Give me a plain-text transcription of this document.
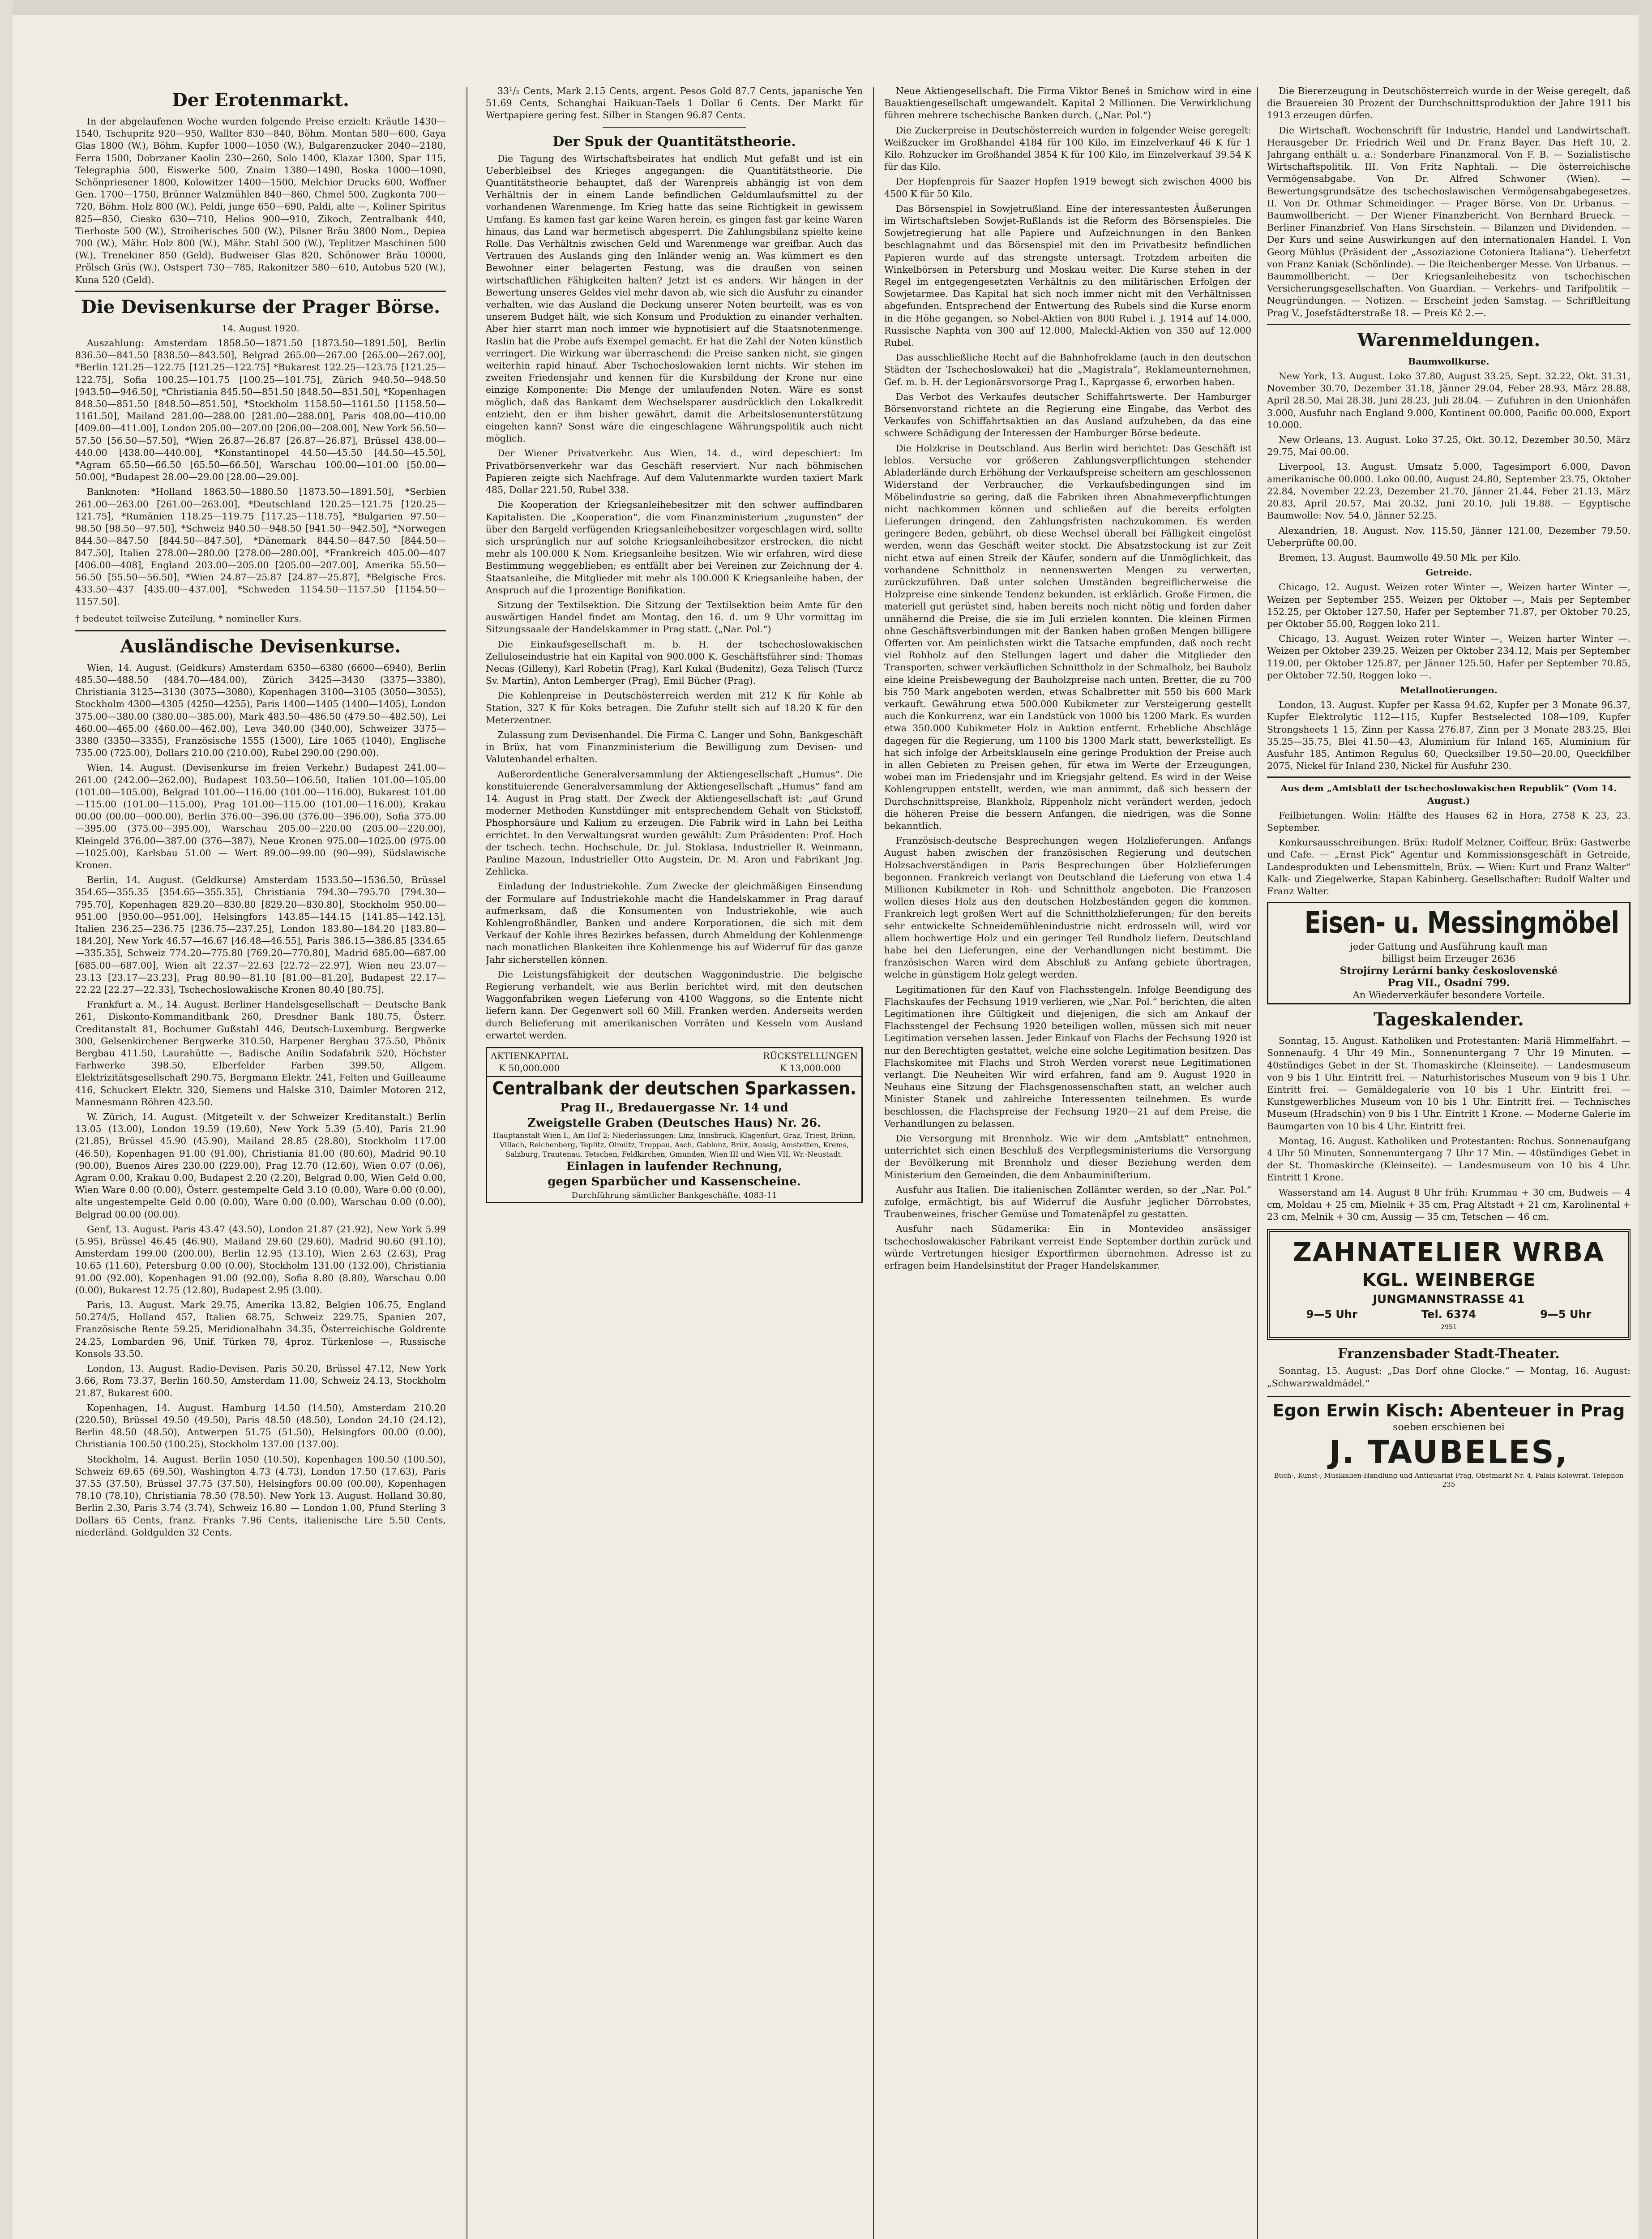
Der Erotenmarkt.

In der abgelaufenen Woche wurden folgende Preise erzielt: Kräutle 1430—1540, Tschupritz 920—950, Wallter 830—840, Böhm. Montan 580—600, Gaya Glas 1800 (W.), Böhm. Kupfer 1000—1050 (W.), Bulgarenzucker 2040—2180, Ferra 1500, Dobrzaner Kaolin 230—260, Solo 1400, Klazar 1300, Spar 115, Telegraphia 500, Eiswerke 500, Znaim 1380—1490, Boska 1000—1090, Schönpriesener 1800, Kolowitzer 1400—1500, Melchior Drucks 600, Woffner Gen. 1700—1750, Brünner Walzmühlen 840—860, Chmel 500, Zugkonta 700—720, Böhm. Holz 800 (W.), Peldi, junge 650—690, Paldi, alte —, Koliner Spiritus 825—850, Ciesko 630—710, Helios 900—910, Zikoch, Zentralbank 440, Tierhoste 500 (W.), Stroiherisches 500 (W.), Pilsner Bräu 3800 Nom., Depiea 700 (W.), Mähr. Holz 800 (W.), Mähr. Stahl 500 (W.), Teplitzer Maschinen 500 (W.), Trenekiner 850 (Geld), Budweiser Glas 820, Schönower Bräu 10000, Prölsch Grüs (W.), Ostspert 730—785, Rakonitzer 580—610, Autobus 520 (W.), Kuna 520 (Geld).

Die Devisenkurse der Prager Börse.
14. August 1920.

Auszahlung: Amsterdam 1858.50—1871.50 [1873.50—1891.50], Berlin 836.50—841.50 [838.50—843.50], Belgrad 265.00—267.00 [265.00—267.00], *Berlin 121.25—122.75 [121.25—122.75] *Bukarest 122.25—123.75 [121.25—122.75], Sofia 100.25—101.75 [100.25—101.75], Zürich 940.50—948.50 [943.50—946.50], *Christiania 845.50—851.50 [848.50—851.50], *Kopenhagen 848.50—851.50 [848.50—851.50], *Stockholm 1158.50—1161.50 [1158.50—1161.50], Mailand 281.00—288.00 [281.00—288.00], Paris 408.00—410.00 [409.00—411.00], London 205.00—207.00 [206.00—208.00], New York 56.50—57.50 [56.50—57.50], *Wien 26.87—26.87 [26.87—26.87], Brüssel 438.00—440.00 [438.00—440.00], *Konstantinopel 44.50—45.50 [44.50—45.50], *Agram 65.50—66.50 [65.50—66.50], Warschau 100.00—101.00 [50.00—50.00], *Budapest 28.00—29.00 [28.00—29.00].

Banknoten: *Holland 1863.50—1880.50 [1873.50—1891.50], *Serbien 261.00—263.00 [261.00—263.00], *Deutschland 120.25—121.75 [120.25—121.75], *Rumänien 118.25—119.75 [117.25—118.75], *Bulgarien 97.50—98.50 [98.50—97.50], *Schweiz 940.50—948.50 [941.50—942.50], *Norwegen 844.50—847.50 [844.50—847.50], *Dänemark 844.50—847.50 [844.50—847.50], Italien 278.00—280.00 [278.00—280.00], *Frankreich 405.00—407 [406.00—408], England 203.00—205.00 [205.00—207.00], Amerika 55.50—56.50 [55.50—56.50], *Wien 24.87—25.87 [24.87—25.87], *Belgische Frcs. 433.50—437 [435.00—437.00], *Schweden 1154.50—1157.50 [1154.50—1157.50].

† bedeutet teilweise Zuteilung, * nomineller Kurs.

Ausländische Devisenkurse.

Wien, 14. August. (Geldkurs) Amsterdam 6350—6380 (6600—6940), Berlin 485.50—488.50 (484.70—484.00), Zürich 3425—3430 (3375—3380), Christiania 3125—3130 (3075—3080), Kopenhagen 3100—3105 (3050—3055), Stockholm 4300—4305 (4250—4255), Paris 1400—1405 (1400—1405), London 375.00—380.00 (380.00—385.00), Mark 483.50—486.50 (479.50—482.50), Lei 460.00—465.00 (460.00—462.00), Leva 340.00 (340.00), Schweizer 3375—3380 (3350—3355), Französische 1555 (1500), Lire 1065 (1040), Englische 735.00 (725.00), Dollars 210.00 (210.00), Rubel 290.00 (290.00).

Wien, 14. August. (Devisenkurse im freien Verkehr.) Budapest 241.00—261.00 (242.00—262.00), Budapest 103.50—106.50, Italien 101.00—105.00 (101.00—105.00), Belgrad 101.00—116.00 (101.00—116.00), Bukarest 101.00—115.00 (101.00—115.00), Prag 101.00—115.00 (101.00—116.00), Krakau 00.00 (00.00—000.00), Berlin 376.00—396.00 (376.00—396.00), Sofia 375.00—395.00 (375.00—395.00), Warschau 205.00—220.00 (205.00—220.00), Kleingeld 376.00—387.00 (376—387), Neue Kronen 975.00—1025.00 (975.00—1025.00), Karlsbau 51.00 — Wert 89.00—99.00 (90—99), Südslawische Kronen.

Berlin, 14. August. (Geldkurse) Amsterdam 1533.50—1536.50, Brüssel 354.65—355.35 [354.65—355.35], Christiania 794.30—795.70 [794.30—795.70], Kopenhagen 829.20—830.80 [829.20—830.80], Stockholm 950.00—951.00 [950.00—951.00], Helsingfors 143.85—144.15 [141.85—142.15], Italien 236.25—236.75 [236.75—237.25], London 183.80—184.20 [183.80—184.20], New York 46.57—46.67 [46.48—46.55], Paris 386.15—386.85 [334.65—335.35], Schweiz 774.20—775.80 [769.20—770.80], Madrid 685.00—687.00 [685.00—687.00], Wien alt 22.37—22.63 [22.72—22.97], Wien neu 23.07—23.13 [23.17—23.23], Prag 80.90—81.10 [81.00—81.20], Budapest 22.17—22.22 [22.27—22.33], Tschechoslowakische Kronen 80.40 [80.75].

Frankfurt a. M., 14. August. Berliner Handelsgesellschaft — Deutsche Bank 261, Diskonto-Kommanditbank 260, Dresdner Bank 180.75, Österr. Creditanstalt 81, Bochumer Gußstahl 446, Deutsch-Luxemburg. Bergwerke 300, Gelsenkirchener Bergwerke 310.50, Harpener Bergbau 375.50, Phönix Bergbau 411.50, Laurahütte —, Badische Anilin Sodafabrik 520, Höchster Farbwerke 398.50, Elberfelder Farben 399.50, Allgem. Elektrizitätsgesellschaft 290.75, Bergmann Elektr. 241, Felten und Guilleaume 416, Schuckert Elektr. 320, Siemens und Halske 310, Daimler Motoren 212, Mannesmann Röhren 423.50.

W. Zürich, 14. August. (Mitgeteilt v. der Schweizer Kreditanstalt.) Berlin 13.05 (13.00), London 19.59 (19.60), New York 5.39 (5.40), Paris 21.90 (21.85), Brüssel 45.90 (45.90), Mailand 28.85 (28.80), Stockholm 117.00 (46.50), Kopenhagen 91.00 (91.00), Christiania 81.00 (80.60), Madrid 90.10 (90.00), Buenos Aires 230.00 (229.00), Prag 12.70 (12.60), Wien 0.07 (0.06), Agram 0.00, Krakau 0.00, Budapest 2.20 (2.20), Belgrad 0.00, Wien Geld 0.00, Wien Ware 0.00 (0.00), Österr. gestempelte Geld 3.10 (0.00), Ware 0.00 (0.00), alte ungestempelte Geld 0.00 (0.00), Ware 0.00 (0.00), Warschau 0.00 (0.00), Belgrad 00.00 (00.00).

Genf, 13. August. Paris 43.47 (43.50), London 21.87 (21.92), New York 5.99 (5.95), Brüssel 46.45 (46.90), Mailand 29.60 (29.60), Madrid 90.60 (91.10), Amsterdam 199.00 (200.00), Berlin 12.95 (13.10), Wien 2.63 (2.63), Prag 10.65 (11.60), Petersburg 0.00 (0.00), Stockholm 131.00 (132.00), Christiania 91.00 (92.00), Kopenhagen 91.00 (92.00), Sofia 8.80 (8.80), Warschau 0.00 (0.00), Bukarest 12.75 (12.80), Budapest 2.95 (3.00).

Paris, 13. August. Mark 29.75, Amerika 13.82, Belgien 106.75, England 50.274/5, Holland 457, Italien 68.75, Schweiz 229.75, Spanien 207, Französische Rente 59.25, Meridionalbahn 34.35, Österreichische Goldrente 24.25, Lombarden 96, Unif. Türken 78, 4proz. Türkenlose —, Russische Konsols 33.50.

London, 13. August. Radio-Devisen. Paris 50.20, Brüssel 47.12, New York 3.66, Rom 73.37, Berlin 160.50, Amsterdam 11.00, Schweiz 24.13, Stockholm 21.87, Bukarest 600.

Kopenhagen, 14. August. Hamburg 14.50 (14.50), Amsterdam 210.20 (220.50), Brüssel 49.50 (49.50), Paris 48.50 (48.50), London 24.10 (24.12), Berlin 48.50 (48.50), Antwerpen 51.75 (51.50), Helsingfors 00.00 (0.00), Christiania 100.50 (100.25), Stockholm 137.00 (137.00).

Stockholm, 14. August. Berlin 1050 (10.50), Kopenhagen 100.50 (100.50), Schweiz 69.65 (69.50), Washington 4.73 (4.73), London 17.50 (17.63), Paris 37.55 (37.50), Brüssel 37.75 (37.50), Helsingfors 00.00 (00.00), Kopenhagen 78.10 (78.10), Christiania 78.50 (78.50). New York 13. August. Holland 30.80, Berlin 2.30, Paris 3.74 (3.74), Schweiz 16.80 — London 1.00, Pfund Sterling 3 Dollars 65 Cents, franz. Franks 7.96 Cents, italienische Lire 5.50 Cents, niederländ. Goldgulden 32 Cents.

33¹/₂ Cents, Mark 2.15 Cents, argent. Pesos Gold 87.7 Cents, japanische Yen 51.69 Cents, Schanghai Haikuan-Taels 1 Dollar 6 Cents. Der Markt für Wertpapiere gering fest. Silber in Stangen 96.87 Cents.

Der Spuk der Quantitätstheorie.

Die Tagung des Wirtschaftsbeirates hat endlich Mut gefaßt und ist ein Ueberbleibsel des Krieges angegangen: die Quantitätstheorie. Die Quantitätstheorie behauptet, daß der Warenpreis abhängig ist von dem Verhältnis der in einem Lande befindlichen Geldumlaufsmittel zu der vorhandenen Warenmenge. Im Krieg hatte das seine Richtigkeit in gewissem Umfang. Es kamen fast gar keine Waren herein, es gingen fast gar keine Waren hinaus, das Land war hermetisch abgesperrt. Die Zahlungsbilanz spielte keine Rolle. Das Verhältnis zwischen Geld und Warenmenge war greifbar. Auch das Vertrauen des Auslands ging den Inländer wenig an. Was kümmert es den Bewohner einer belagerten Festung, was die draußen von seinen wirtschaftlichen Fähigkeiten halten? Jetzt ist es anders. Wir hängen in der Bewertung unseres Geldes viel mehr davon ab, wie sich die Ausfuhr zu einander verhalten, wie das Ausland die Deckung unserer Noten beurteilt, was es von unserem Budget hält, wie sich Konsum und Produktion zu einander verhalten. Aber hier starrt man noch immer wie hypnotisiert auf die Staatsnotenmenge. Raslin hat die Probe aufs Exempel gemacht. Er hat die Zahl der Noten künstlich verringert. Die Wirkung war überraschend: die Preise sanken nicht, sie gingen weiterhin rapid hinauf. Aber Tschechoslowakien lernt nichts. Wir stehen im zweiten Friedensjahr und kennen für die Kursbildung der Krone nur eine einzige Komponente: Die Menge der umlaufenden Noten. Wäre es sonst möglich, daß das Bankamt dem Wechselsparer ausdrücklich den Lokalkredit entzieht, den er ihm bisher gewährt, damit die Arbeitslosenunterstützung eingehen kann? Sonst wäre die eingeschlagene Währungspolitik auch nicht möglich.

Der Wiener Privatverkehr. Aus Wien, 14. d., wird depeschiert: Im Privatbörsenverkehr war das Geschäft reserviert. Nur nach böhmischen Papieren zeigte sich Nachfrage. Auf dem Valutenmarkte wurden taxiert Mark 485, Dollar 221.50, Rubel 338.

Die Kooperation der Kriegsanleihebesitzer mit den schwer auffindbaren Kapitalisten. Die „Kooperation“, die vom Finanzministerium „zugunsten“ der über den Bargeld verfügenden Kriegsanleihebesitzer vorgeschlagen wird, sollte sich ursprünglich nur auf solche Kriegsanleihebesitzer erstrecken, die nicht mehr als 100.000 K Nom. Kriegsanleihe besitzen. Wie wir erfahren, wird diese Bestimmung weggeblieben; es entfällt aber bei Vereinen zur Zeichnung der 4. Staatsanleihe, die Mitglieder mit mehr als 100.000 K Kriegsanleihe haben, der Anspruch auf die 1prozentige Bonifikation.

Sitzung der Textilsektion. Die Sitzung der Textilsektion beim Amte für den auswärtigen Handel findet am Montag, den 16. d. um 9 Uhr vormittag im Sitzungssaale der Handelskammer in Prag statt. („Nar. Pol.“)

Die Einkaufsgesellschaft m. b. H. der tschechoslowakischen Zelluloseindustrie hat ein Kapital von 900.000 K. Geschäftsführer sind: Thomas Necas (Gilleny), Karl Robetin (Prag), Karl Kukal (Budenitz), Geza Telisch (Turcz Sv. Martin), Anton Lemberger (Prag), Emil Bücher (Prag).

Die Kohlenpreise in Deutschösterreich werden mit 212 K für Kohle ab Station, 327 K für Koks betragen. Die Zufuhr stellt sich auf 18.20 K für den Meterzentner.

Zulassung zum Devisenhandel. Die Firma C. Langer und Sohn, Bankgeschäft in Brüx, hat vom Finanzministerium die Bewilligung zum Devisen- und Valutenhandel erhalten.

Außerordentliche Generalversammlung der Aktiengesellschaft „Humus“. Die konstituierende Generalversammlung der Aktiengesellschaft „Humus“ fand am 14. August in Prag statt. Der Zweck der Aktiengesellschaft ist: „auf Grund moderner Methoden Kunstdünger mit entsprechendem Gehalt von Stickstoff, Phosphorsäure und Kalium zu erzeugen. Die Fabrik wird in Lahn bei Leitha errichtet. In den Verwaltungsrat wurden gewählt: Zum Präsidenten: Prof. Hoch der tschech. techn. Hochschule, Dr. Jul. Stoklasa, Industrieller R. Weinmann, Pauline Mazoun, Industrieller Otto Augstein, Dr. M. Aron und Fabrikant Jng. Zehlicka.

Einladung der Industriekohle. Zum Zwecke der gleichmäßigen Einsendung der Formulare auf Industriekohle macht die Handelskammer in Prag darauf aufmerksam, daß die Konsumenten von Industriekohle, wie auch Kohlengroßhändler, Banken und andere Korporationen, die sich mit dem Verkauf der Kohle ihres Bezirkes befassen, durch Abmeldung der Kohlenmenge nach monatlichen Blankeiten ihre Kohlenmenge bis auf Widerruf für das ganze Jahr sicherstellen können.

Die Leistungsfähigkeit der deutschen Waggonindustrie. Die belgische Regierung verhandelt, wie aus Berlin berichtet wird, mit den deutschen Waggonfabriken wegen Lieferung von 4100 Waggons, so die Entente nicht liefern kann. Der Gegenwert soll 60 Mill. Franken werden. Anderseits werden durch Belieferung mit amerikanischen Vorräten und Kesseln vom Ausland erwartet werden.

AKTIENKAPITAL
K 50,000.000
RÜCKSTELLUNGEN
K 13,000.000
Centralbank der deutschen Sparkassen.
Prag II., Bredauergasse Nr. 14 und
Zweigstelle Graben (Deutsches Haus) Nr. 26.
Hauptanstalt Wien I., Am Hof 2; Niederlassungen: Linz, Innsbruck, Klagenfurt, Graz, Triest, Brünn, Villach, Reichenberg, Teplitz, Olmütz, Troppau, Asch, Gablonz, Brüx, Aussig, Amstetten, Krems, Salzburg, Trautenau, Tetschen, Feldkirchen, Gmunden, Wien III und Wien VII, Wr.-Neustadt.
Einlagen in laufender Rechnung,
gegen Sparbücher und Kassenscheine.
Durchführung sämtlicher Bankgeschäfte. 4083-11

Neue Aktiengesellschaft. Die Firma Viktor Beneš in Smichow wird in eine Bauaktiengesellschaft umgewandelt. Kapital 2 Millionen. Die Verwirklichung führen mehrere tschechische Banken durch. („Nar. Pol.“)

Die Zuckerpreise in Deutschösterreich wurden in folgender Weise geregelt: Weißzucker im Großhandel 4184 für 100 Kilo, im Einzelverkauf 46 K für 1 Kilo. Rohzucker im Großhandel 3854 K für 100 Kilo, im Einzelverkauf 39.54 K für das Kilo.

Der Hopfenpreis für Saazer Hopfen 1919 bewegt sich zwischen 4000 bis 4500 K für 50 Kilo.

Das Börsenspiel in Sowjetrußland. Eine der interessantesten Äußerungen im Wirtschaftsleben Sowjet-Rußlands ist die Reform des Börsenspieles. Die Sowjetregierung hat alle Papiere und Aufzeichnungen in den Banken beschlagnahmt und das Börsenspiel mit den im Privatbesitz befindlichen Papieren wurde auf das strengste untersagt. Trotzdem arbeiten die Winkelbörsen in Petersburg und Moskau weiter. Die Kurse stehen in der Regel im entgegengesetzten Verhältnis zu den militärischen Erfolgen der Sowjetarmee. Das Kapital hat sich noch immer nicht mit den Verhältnissen abgefunden. Entsprechend der Entwertung des Rubels sind die Kurse enorm in die Höhe gegangen, so Nobel-Aktien von 800 Rubel i. J. 1914 auf 14.000, Russische Naphta von 300 auf 12.000, Maleckl-Aktien von 350 auf 12.000 Rubel.

Das ausschließliche Recht auf die Bahnhofreklame (auch in den deutschen Städten der Tschechoslowakei) hat die „Magistrala“, Reklameunternehmen, Gef. m. b. H. der Legionärsvorsorge Prag I., Kaprgasse 6, erworben haben.

Das Verbot des Verkaufes deutscher Schiffahrtswerte. Der Hamburger Börsenvorstand richtete an die Regierung eine Eingabe, das Verbot des Verkaufes von Schiffahrtsaktien an das Ausland aufzuheben, da das eine schwere Schädigung der Interessen der Hamburger Börse bedeute.

Die Holzkrise in Deutschland. Aus Berlin wird berichtet: Das Geschäft ist leblos. Versuche vor größeren Zahlungsverpflichtungen stehender Abladerlände durch Erhöhung der Verkaufspreise scheitern am geschlossenen Widerstand der Verbraucher, die Verkaufsbedingungen sind im Möbelindustrie so gering, daß die Fabriken ihren Abnahmeverpflichtungen nicht nachkommen können und schließen auf die bereits erfolgten Lieferungen dringend, den Zahlungsfristen nachzukommen. Es werden geringere Beden, gebührt, ob diese Wechsel überall bei Fälligkeit eingelöst werden, wenn das Geschäft weiter stockt. Die Absatzstockung ist zur Zeit nicht etwa auf einen Streik der Käufer, sondern auf die Unmöglichkeit, das vorhandene Schnittholz in nennenswerten Mengen zu verwerten, zurückzuführen. Daß unter solchen Umständen begreiflicherweise die Holzpreise eine sinkende Tendenz bekunden, ist erklärlich. Große Firmen, die materiell gut gerüstet sind, haben bereits noch nicht nötig und forden daher unnähernd die Preise, die sie im Juli erzielen konnten. Die kleinen Firmen ohne Geschäftsverbindungen mit der Banken haben großen Mengen billigere Offerten vor. Am peinlichsten wirkt die Tatsache empfunden, daß noch recht viel Rohholz auf den Stellungen lagert und daher die Mitglieder den Transporten, schwer verkäuflichen Schnittholz in der Schmalholz, bei Bauholz eine kleine Preisbewegung der Bauholzpreise nach unten. Bretter, die zu 700 bis 750 Mark angeboten werden, etwas Schalbretter mit 550 bis 600 Mark verkauft. Gewährung etwa 500.000 Kubikmeter zur Versteigerung gestellt auch die Konkurrenz, war ein Landstück von 1000 bis 1200 Mark. Es wurden etwa 350.000 Kubikmeter Holz in Auktion entfernt. Erhebliche Abschläge dagegen für die Regierung, um 1100 bis 1300 Mark statt, bewerkstelligt. Es hat sich infolge der Arbeitsklauseln eine geringe Produktion der Preise auch in allen Gebieten zu Preisen gehen, für etwa im Werte der Erzeugungen, wobei man im Friedensjahr und im Kriegsjahr geltend. Es wird in der Weise Kohlengruppen entstellt, werden, wie man annimmt, daß sich bessern der Durchschnittspreise, Blankholz, Rippenholz nicht verändert werden, jedoch die höheren Preise die bessern Anfangen, die niedrigen, was die Sonne bekanntlich.

Französisch-deutsche Besprechungen wegen Holzlieferungen. Anfangs August haben zwischen der französischen Regierung und deutschen Holzsachverständigen in Paris Besprechungen über Holzlieferungen begonnen. Frankreich verlangt von Deutschland die Lieferung von etwa 1.4 Millionen Kubikmeter in Roh- und Schnittholz angeboten. Die Franzosen wollen dieses Holz aus den deutschen Holzbeständen gegen die kommen. Frankreich legt großen Wert auf die Schnittholzlieferungen; für den bereits sehr entwickelte Schneidemühlenindustrie nicht erdrosseln will, wird vor allem hochwertige Holz und ein geringer Teil Rundholz liefern. Deutschland habe bei den Lieferungen, eine der Verhandlungen nicht bestimmt. Die französischen Waren wird dem Abschluß zu Anfang gebiete übertragen, welche in günstigem Holz gelegt werden.

Legitimationen für den Kauf von Flachsstengeln. Infolge Beendigung des Flachskaufes der Fechsung 1919 verlieren, wie „Nar. Pol.“ berichten, die alten Legitimationen ihre Gültigkeit und diejenigen, die sich am Ankauf der Flachsstengel der Fechsung 1920 beteiligen wollen, müssen sich mit neuer Legitimation versehen lassen. Jeder Einkauf von Flachs der Fechsung 1920 ist nur den Berechtigten gestattet, welche eine solche Legitimation besitzen. Das Flachskomitee mit Flachs und Stroh Werden vorerst neue Legitimationen verlangt. Die Neuheiten Wir wird erfahren, fand am 9. August 1920 in Neuhaus eine Sitzung der Flachsgenossenschaften statt, an welcher auch Minister Stanek und zahlreiche Interessenten teilnehmen. Es wurde beschlossen, die Flachspreise der Fechsung 1920—21 auf dem Preise, die Verhandlungen zu belassen.

Die Versorgung mit Brennholz. Wie wir dem „Amtsblatt“ entnehmen, unterrichtet sich einen Beschluß des Verpflegsministeriums die Versorgung der Bevölkerung mit Brennholz und dieser Beziehung werden dem Ministerium den Gemeinden, die dem Anbauminiſterium.

Ausfuhr aus Italien. Die italienischen Zollämter werden, so der „Nar. Pol.“ zufolge, ermächtigt, bis auf Widerruf die Ausfuhr jeglicher Dörrobstes, Traubenweines, frischer Gemüse und Tomatenäpfel zu gestatten.

Ausfuhr nach Südamerika: Ein in Montevideo ansässiger tschechoslowakischer Fabrikant verreist Ende September dorthin zurück und würde Vertretungen hiesiger Exportfirmen übernehmen. Adresse ist zu erfragen beim Handelsinstitut der Prager Handelskammer.

Die Biererzeugung in Deutschösterreich wurde in der Weise geregelt, daß die Brauereien 30 Prozent der Durchschnittsproduktion der Jahre 1911 bis 1913 erzeugen dürfen.

Die Wirtschaft. Wochenschrift für Industrie, Handel und Landwirtschaft. Herausgeber Dr. Friedrich Weil und Dr. Franz Bayer. Das Heft 10, 2. Jahrgang enthält u. a.: Sonderbare Finanzmoral. Von F. B. — Sozialistische Wirtschaftspolitik. III. Von Fritz Naphtali. — Die österreichische Vermögensabgabe. Von Dr. Alfred Schwoner (Wien). — Bewertungsgrundsätze des tschechoslawischen Vermögensabgabegesetzes. II. Von Dr. Othmar Schmeidinger. — Prager Börse. Von Dr. Urbanus. — Baumwollbericht. — Der Wiener Finanzbericht. Von Bernhard Brueck. — Berliner Finanzbrief. Von Hans Sirschstein. — Bilanzen und Dividenden. — Der Kurs und seine Auswirkungen auf den internationalen Handel. I. Von Georg Mühlus (Präsident der „Assoziazione Cotoniera Italiana“). Ueberfetzt von Franz Kaniak (Schönlinde). — Die Reichenberger Messe. Von Urbanus. — Baummollbericht. — Der Kriegsanleihebesitz von tschechischen Versicherungsgesellschaften. Von Guardian. — Verkehrs- und Tarifpolitik — Neugründungen. — Notizen. — Erscheint jeden Samstag. — Schriftleitung Prag V., Josefstädterstraße 18. — Preis Kč 2.—.

Warenmeldungen.
Baumwollkurse.

New York, 13. August. Loko 37.80, August 33.25, Sept. 32.22, Okt. 31.31, November 30.70, Dezember 31.18, Jänner 29.04, Feber 28.93, März 28.88, April 28.50, Mai 28.38, Juni 28.23, Juli 28.04. — Zufuhren in den Unionhäfen 3.000, Ausfuhr nach England 9.000, Kontinent 00.000, Pacific 00.000, Export 10.000.

New Orleans, 13. August. Loko 37.25, Okt. 30.12, Dezember 30.50, März 29.75, Mai 00.00.

Liverpool, 13. August. Umsatz 5.000, Tagesimport 6.000, Davon amerikanische 00.000. Loko 00.00, August 24.80, September 23.75, Oktober 22.84, November 22.23, Dezember 21.70, Jänner 21.44, Feber 21.13, März 20.83, April 20.57, Mai 20.32, Juni 20.10, Juli 19.88. — Egyptische Baumwolle: Nov. 54.0, Jänner 52.25.

Alexandrien, 18. August. Nov. 115.50, Jänner 121.00, Dezember 79.50. Ueberprüfte 00.00.

Bremen, 13. August. Baumwolle 49.50 Mk. per Kilo.

Getreide.

Chicago, 12. August. Weizen roter Winter —, Weizen harter Winter —, Weizen per September 255. Weizen per Oktober —, Mais per September 152.25, per Oktober 127.50, Hafer per September 71.87, per Oktober 70.25, per Oktober 55.00, Roggen loko 211.

Chicago, 13. August. Weizen roter Winter —, Weizen harter Winter —. Weizen per Oktober 239.25. Weizen per Oktober 234.12, Mais per September 119.00, per Oktober 125.87, per Jänner 125.50, Hafer per September 70.85, per Oktober 72.50, Roggen loko —.

Metallnotierungen.

London, 13. August. Kupfer per Kassa 94.62, Kupfer per 3 Monate 96.37, Kupfer Elektrolytic 112—115, Kupfer Bestselected 108—109, Kupfer Strongsheets 1 15, Zinn per Kassa 276.87, Zinn per 3 Monate 283.25, Blei 35.25—35.75, Blei 41.50—43, Aluminium für Inland 165, Aluminium für Ausfuhr 185, Antimon Regulus 60, Quecksilber 19.50—20.00, Queckfilber 2075, Nickel für Inland 230, Nickel für Ausfuhr 230.

Aus dem „Amtsblatt der tschechoslowakischen Republik“ (Vom 14. August.)

Feilbietungen. Wolin: Hälfte des Hauses 62 in Hora, 2758 K 23, 23. September.

Konkursausschreibungen. Brüx: Rudolf Melzner, Coiffeur, Brüx: Gastwerbe und Cafe. — „Ernst Pick“ Agentur und Kommissionsgeschäft in Getreide, Landesprodukten und Lebensmitteln, Brüx. — Wien: Kurt und Franz Walter“ Kalk- und Ziegelwerke, Stapan Kabinberg. Gesellschafter: Rudolf Walter und Franz Walter.

Eisen- u. Messingmöbel
jeder Gattung und Ausführung kauft man
billigst beim Erzeuger 2636
Strojírny Lerární banky československé
Prag VII., Osadní 799.
An Wiederverkäufer besondere Vorteile.
Tageskalender.

Sonntag, 15. August. Katholiken und Protestanten: Mariä Himmelfahrt. — Sonnenaufg. 4 Uhr 49 Min., Sonnenuntergang 7 Uhr 19 Minuten. — 40stündiges Gebet in der St. Thomaskirche (Kleinseite). — Landesmuseum von 9 bis 1 Uhr. Eintritt frei. — Naturhistorisches Museum von 9 bis 1 Uhr. Eintritt frei. — Gemäldegalerie von 10 bis 1 Uhr. Eintritt frei. — Kunstgewerbliches Museum von 10 bis 1 Uhr. Eintritt frei. — Technisches Museum (Hradschin) von 9 bis 1 Uhr. Eintritt 1 Krone. — Moderne Galerie im Baumgarten von 10 bis 4 Uhr. Eintritt frei.

Montag, 16. August. Katholiken und Protestanten: Rochus. Sonnenaufgang 4 Uhr 50 Minuten, Sonnenuntergang 7 Uhr 17 Min. — 40stündiges Gebet in der St. Thomaskirche (Kleinseite). — Landesmuseum von 10 bis 4 Uhr. Eintritt 1 Krone.

Wasserstand am 14. August 8 Uhr früh: Krummau + 30 cm, Budweis — 4 cm, Moldau + 25 cm, Mielnik + 35 cm, Prag Altstadt + 21 cm, Karolinental + 23 cm, Melnik + 30 cm, Aussig — 35 cm, Tetschen — 46 cm.

ZAHNATELIER WRBA
KGL. WEINBERGE
JUNGMANNSTRASSE 41
9—5 Uhr	Tel. 6374	9—5 Uhr
2951
Franzensbader Stadt-Theater.

Sonntag, 15. August: „Das Dorf ohne Glocke.“ — Montag, 16. August: „Schwarzwaldmädel.“

Egon Erwin Kisch: Abenteuer in Prag
soeben erschienen bei
J. TAUBELES,
Buch-, Kunst-, Musikalien-Handlung und Antiquariat Prag, Obstmarkt Nr. 4, Palais Kolowrat. Telephon 235
